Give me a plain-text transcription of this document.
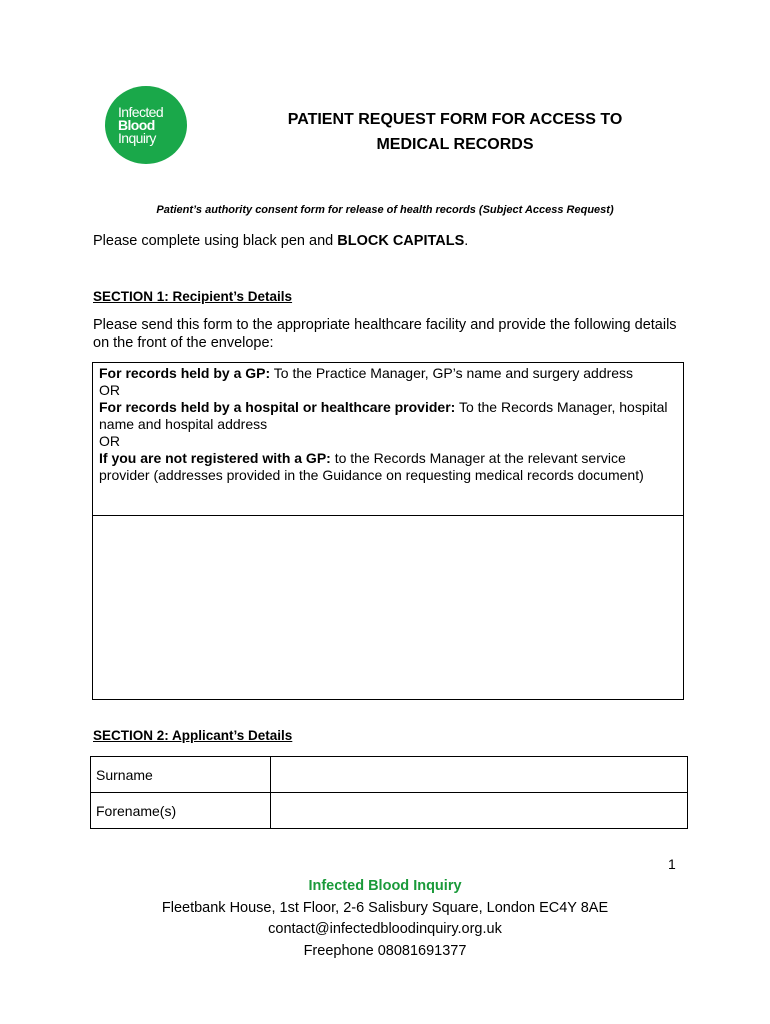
Infected
Blood
Inquiry
PATIENT REQUEST FORM FOR ACCESS TO
MEDICAL RECORDS
Patient’s authority consent form for release of health records (Subject Access Request)
Please complete using black pen and BLOCK CAPITALS.
SECTION 1: Recipient’s Details
Please send this form to the appropriate healthcare facility and provide the following details on the front of the envelope:
For records held by a GP: To the Practice Manager, GP’s name and surgery address
OR
For records held by a hospital or healthcare provider: To the Records Manager, hospital name and hospital address
OR
If you are not registered with a GP: to the Records Manager at the relevant service provider (addresses provided in the Guidance on requesting medical records document)
SECTION 2: Applicant’s Details
Surname	
Forename(s)	
1
Infected Blood Inquiry
Fleetbank House, 1st Floor, 2-6 Salisbury Square, London EC4Y 8AE
contact@infectedbloodinquiry.org.uk
Freephone 08081691377
